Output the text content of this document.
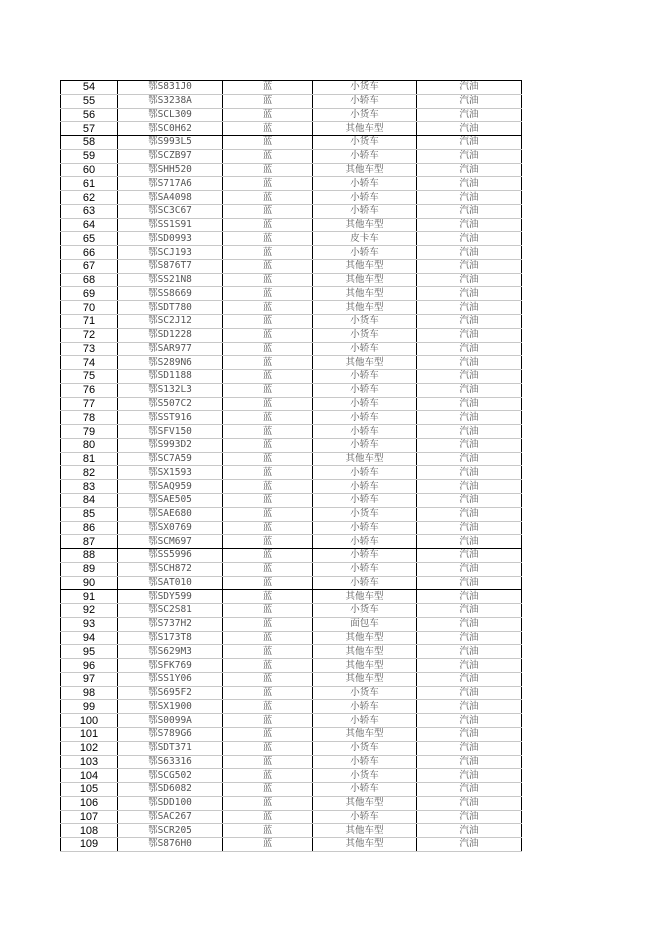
54	鄂S831J0	蓝	小货车	汽油
55	鄂S3238A	蓝	小轿车	汽油
56	鄂SCL309	蓝	小货车	汽油
57	鄂SC0H62	蓝	其他车型	汽油
58	鄂S993L5	蓝	小货车	汽油
59	鄂SCZB97	蓝	小轿车	汽油
60	鄂SHH520	蓝	其他车型	汽油
61	鄂S717A6	蓝	小轿车	汽油
62	鄂SA4098	蓝	小轿车	汽油
63	鄂SC3C67	蓝	小轿车	汽油
64	鄂SS1S91	蓝	其他车型	汽油
65	鄂SD0993	蓝	皮卡车	汽油
66	鄂SCJ193	蓝	小轿车	汽油
67	鄂S876T7	蓝	其他车型	汽油
68	鄂SS21N8	蓝	其他车型	汽油
69	鄂SS8669	蓝	其他车型	汽油
70	鄂SDT780	蓝	其他车型	汽油
71	鄂SC2J12	蓝	小货车	汽油
72	鄂SD1228	蓝	小货车	汽油
73	鄂SAR977	蓝	小轿车	汽油
74	鄂S289N6	蓝	其他车型	汽油
75	鄂SD1188	蓝	小轿车	汽油
76	鄂S132L3	蓝	小轿车	汽油
77	鄂S507C2	蓝	小轿车	汽油
78	鄂SST916	蓝	小轿车	汽油
79	鄂SFV150	蓝	小轿车	汽油
80	鄂S993D2	蓝	小轿车	汽油
81	鄂SC7A59	蓝	其他车型	汽油
82	鄂SX1593	蓝	小轿车	汽油
83	鄂SAQ959	蓝	小轿车	汽油
84	鄂SAE505	蓝	小轿车	汽油
85	鄂SAE680	蓝	小货车	汽油
86	鄂SX0769	蓝	小轿车	汽油
87	鄂SCM697	蓝	小轿车	汽油
88	鄂SS5996	蓝	小轿车	汽油
89	鄂SCH872	蓝	小轿车	汽油
90	鄂SAT010	蓝	小轿车	汽油
91	鄂SDY599	蓝	其他车型	汽油
92	鄂SC2S81	蓝	小货车	汽油
93	鄂S737H2	蓝	面包车	汽油
94	鄂S173T8	蓝	其他车型	汽油
95	鄂S629M3	蓝	其他车型	汽油
96	鄂SFK769	蓝	其他车型	汽油
97	鄂SS1Y06	蓝	其他车型	汽油
98	鄂S695F2	蓝	小货车	汽油
99	鄂SX1900	蓝	小轿车	汽油
100	鄂S0099A	蓝	小轿车	汽油
101	鄂S789G6	蓝	其他车型	汽油
102	鄂SDT371	蓝	小货车	汽油
103	鄂S63316	蓝	小轿车	汽油
104	鄂SCG502	蓝	小货车	汽油
105	鄂SD6082	蓝	小轿车	汽油
106	鄂SDD100	蓝	其他车型	汽油
107	鄂SAC267	蓝	小轿车	汽油
108	鄂SCR205	蓝	其他车型	汽油
109	鄂S876H0	蓝	其他车型	汽油
